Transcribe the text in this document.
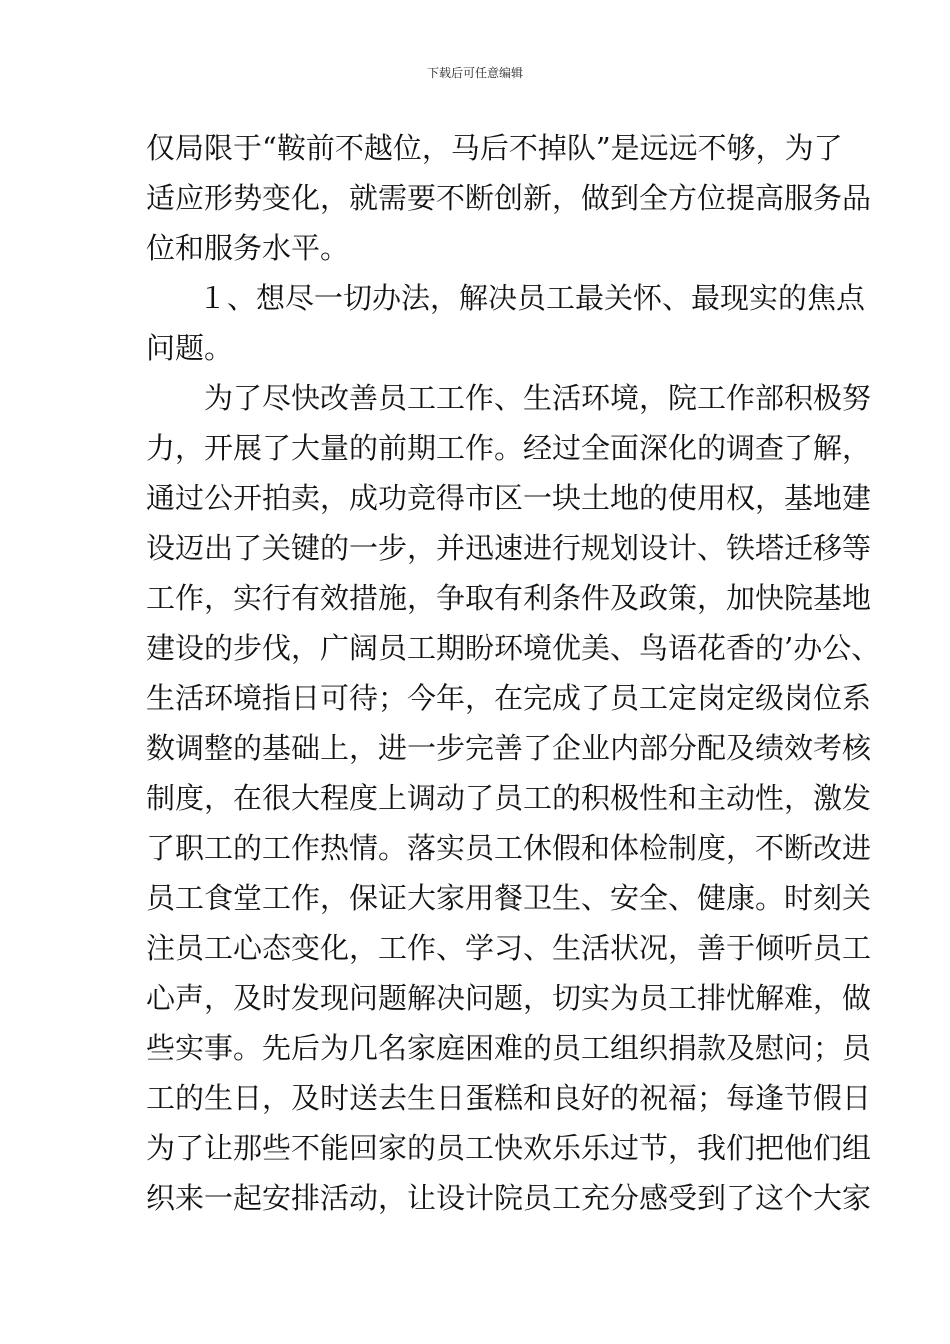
下载后可任意编辑
仅局限于“鞍前不越位，马后不掉队”是远远不够，为了
适应形势变化，就需要不断创新，做到全方位提高服务品
位和服务水平。
１、想尽一切办法，解决员工最关怀、最现实的焦点
问题。
为了尽快改善员工工作、生活环境，院工作部积极努
力，开展了大量的前期工作。经过全面深化的调查了解，
通过公开拍卖，成功竞得市区一块土地的使用权，基地建
设迈出了关键的一步，并迅速进行规划设计、铁塔迁移等
工作，实行有效措施，争取有利条件及政策，加快院基地
建设的步伐，广阔员工期盼环境优美、鸟语花香的’办公、
生活环境指日可待；今年，在完成了员工定岗定级岗位系
数调整的基础上，进一步完善了企业内部分配及绩效考核
制度，在很大程度上调动了员工的积极性和主动性，激发
了职工的工作热情。落实员工休假和体检制度，不断改进
员工食堂工作，保证大家用餐卫生、安全、健康。时刻关
注员工心态变化，工作、学习、生活状况，善于倾听员工
心声，及时发现问题解决问题，切实为员工排忧解难，做
些实事。先后为几名家庭困难的员工组织捐款及慰问；员
工的生日，及时送去生日蛋糕和良好的祝福；每逢节假日
为了让那些不能回家的员工快欢乐乐过节，我们把他们组
织来一起安排活动，让设计院员工充分感受到了这个大家
